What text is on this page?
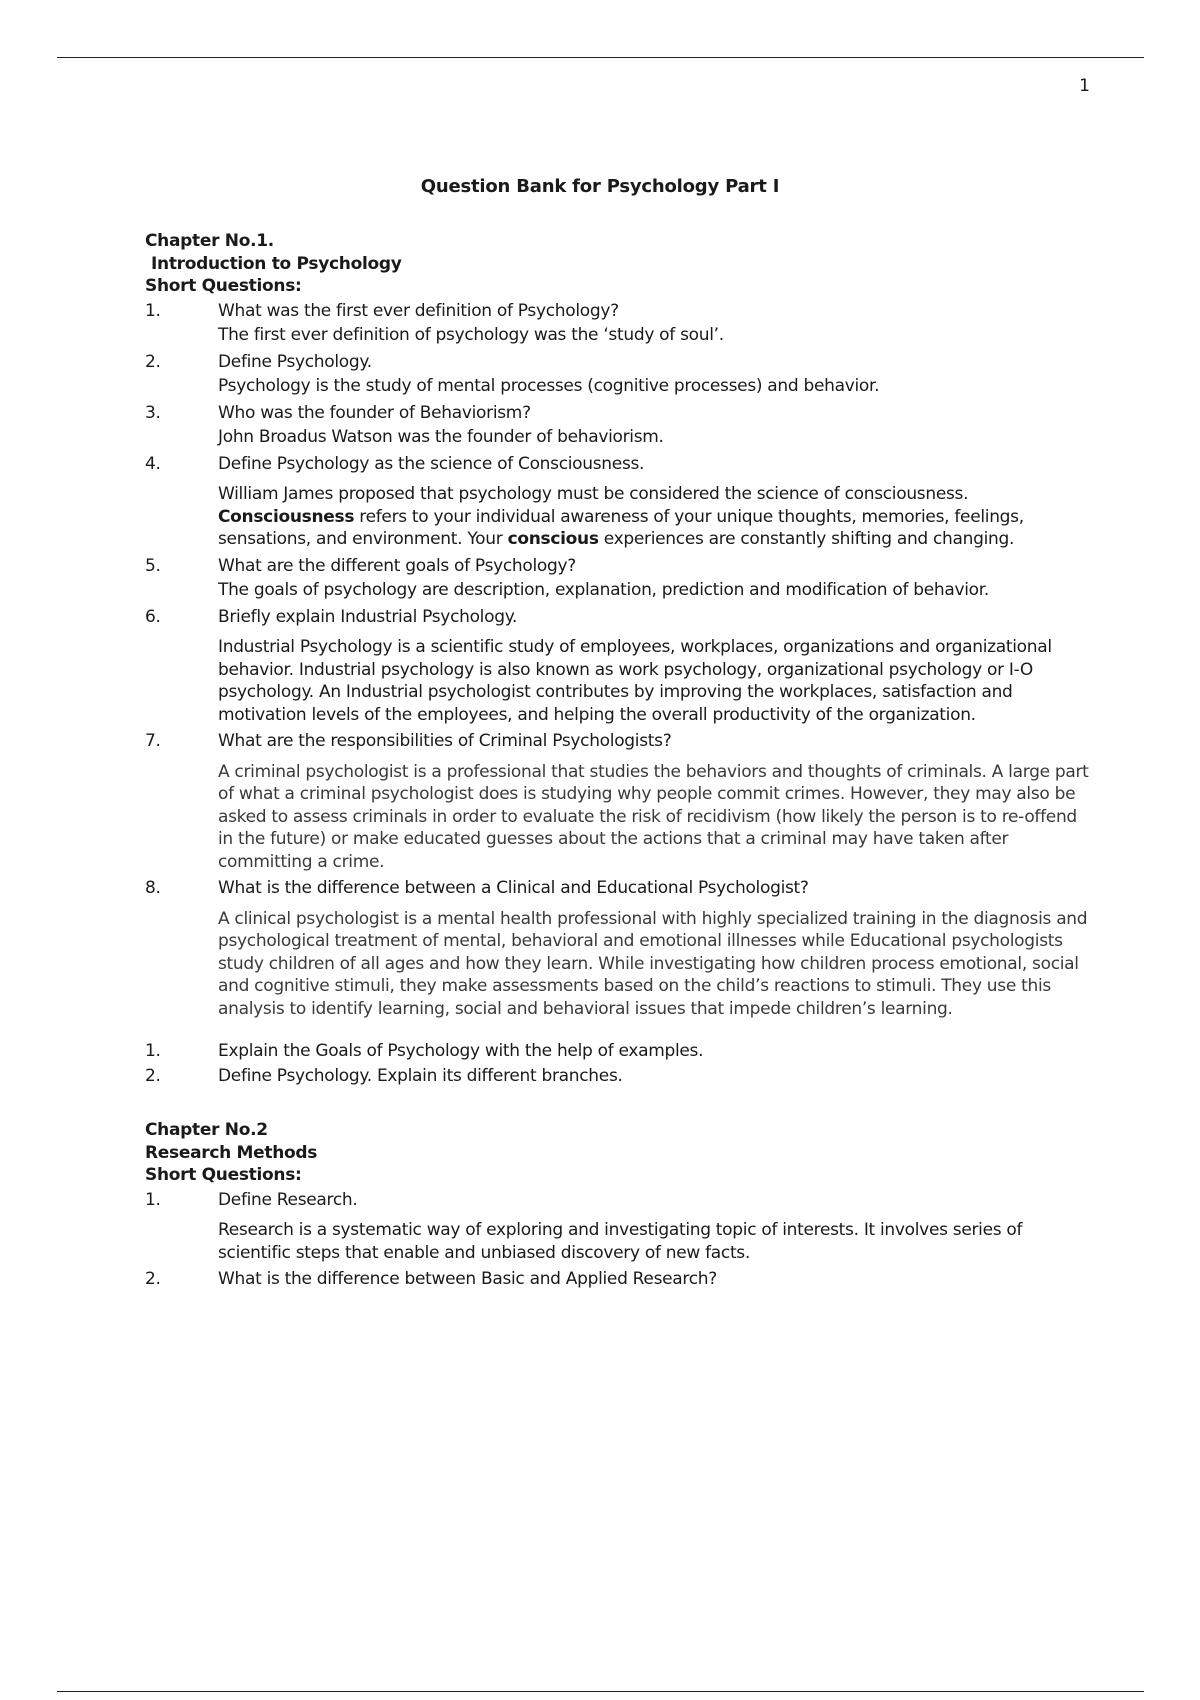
1
Question Bank for Psychology Part I

Chapter No.1.

Introduction to Psychology

Short Questions:

1.	What was the first ever definition of Psychology?
The first ever definition of psychology was the ‘study of soul’.
2.	Define Psychology.
Psychology is the study of mental processes (cognitive processes) and behavior.
3.	Who was the founder of Behaviorism?
John Broadus Watson was the founder of behaviorism.
4.	Define Psychology as the science of Consciousness.
William James proposed that psychology must be considered the science of consciousness.
Consciousness refers to your individual awareness of your unique thoughts, memories, feelings, sensations, and environment. Your conscious experiences are constantly shifting and changing.
5.	What are the different goals of Psychology?
The goals of psychology are description, explanation, prediction and modification of behavior.
6.	Briefly explain Industrial Psychology.
Industrial Psychology is a scientific study of employees, workplaces, organizations and organizational behavior. Industrial psychology is also known as work psychology, organizational psychology or I-O psychology. An Industrial psychologist contributes by improving the workplaces, satisfaction and motivation levels of the employees, and helping the overall productivity of the organization.
7.	What are the responsibilities of Criminal Psychologists?
A criminal psychologist is a professional that studies the behaviors and thoughts of criminals. A large part of what a criminal psychologist does is studying why people commit crimes. However, they may also be asked to assess criminals in order to evaluate the risk of recidivism (how likely the person is to re-offend in the future) or make educated guesses about the actions that a criminal may have taken after committing a crime.
8.	What is the difference between a Clinical and Educational Psychologist?
A clinical psychologist is a mental health professional with highly specialized training in the diagnosis and psychological treatment of mental, behavioral and emotional illnesses while Educational psychologists study children of all ages and how they learn. While investigating how children process emotional, social and cognitive stimuli, they make assessments based on the child’s reactions to stimuli. They use this analysis to identify learning, social and behavioral issues that impede children’s learning.
1.	Explain the Goals of Psychology with the help of examples.
2.	Define Psychology. Explain its different branches.

Chapter No.2

Research Methods

Short Questions:

1.	Define Research.
Research is a systematic way of exploring and investigating topic of interests. It involves series of scientific steps that enable and unbiased discovery of new facts.
2.	What is the difference between Basic and Applied Research?
